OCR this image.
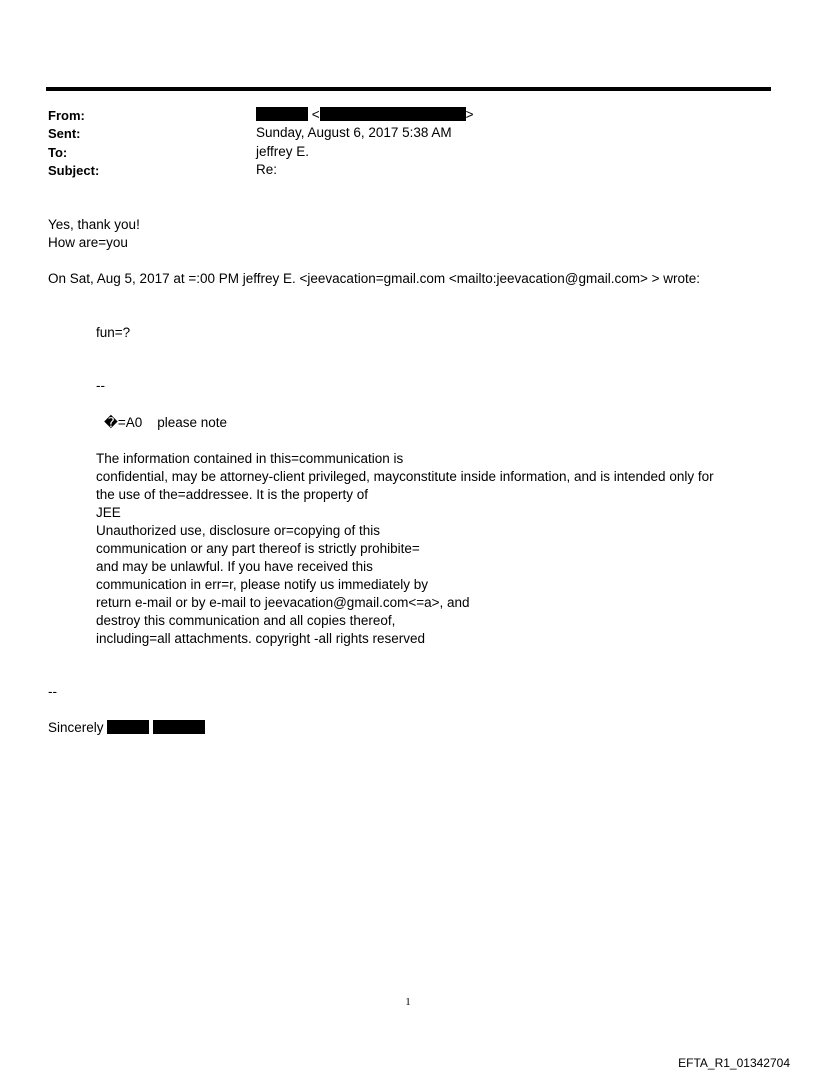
From:	<	>
Sent:	Sunday, August 6, 2017 5:38 AM
To:	jeffrey E.
Subject:	Re:
Yes, thank you!
How are=you
On Sat, Aug 5, 2017 at =:00 PM jeffrey E. <jeevacation=gmail.com <mailto:jeevacation@gmail.com> > wrote:
fun=?
--
�=A0    please note
The information contained in this=communication is
confidential, may be attorney-client privileged, mayconstitute inside information, and is intended only for
the use of the=addressee. It is the property of
JEE
Unauthorized use, disclosure or=copying of this
communication or any part thereof is strictly prohibite=
and may be unlawful. If you have received this
communication in err=r, please notify us immediately by
return e-mail or by e-mail to jeevacation@gmail.com<=a>, and
destroy this communication and all copies thereof,
including=all attachments. copyright -all rights reserved
--
Sincerely
1
EFTA_R1_01342704
